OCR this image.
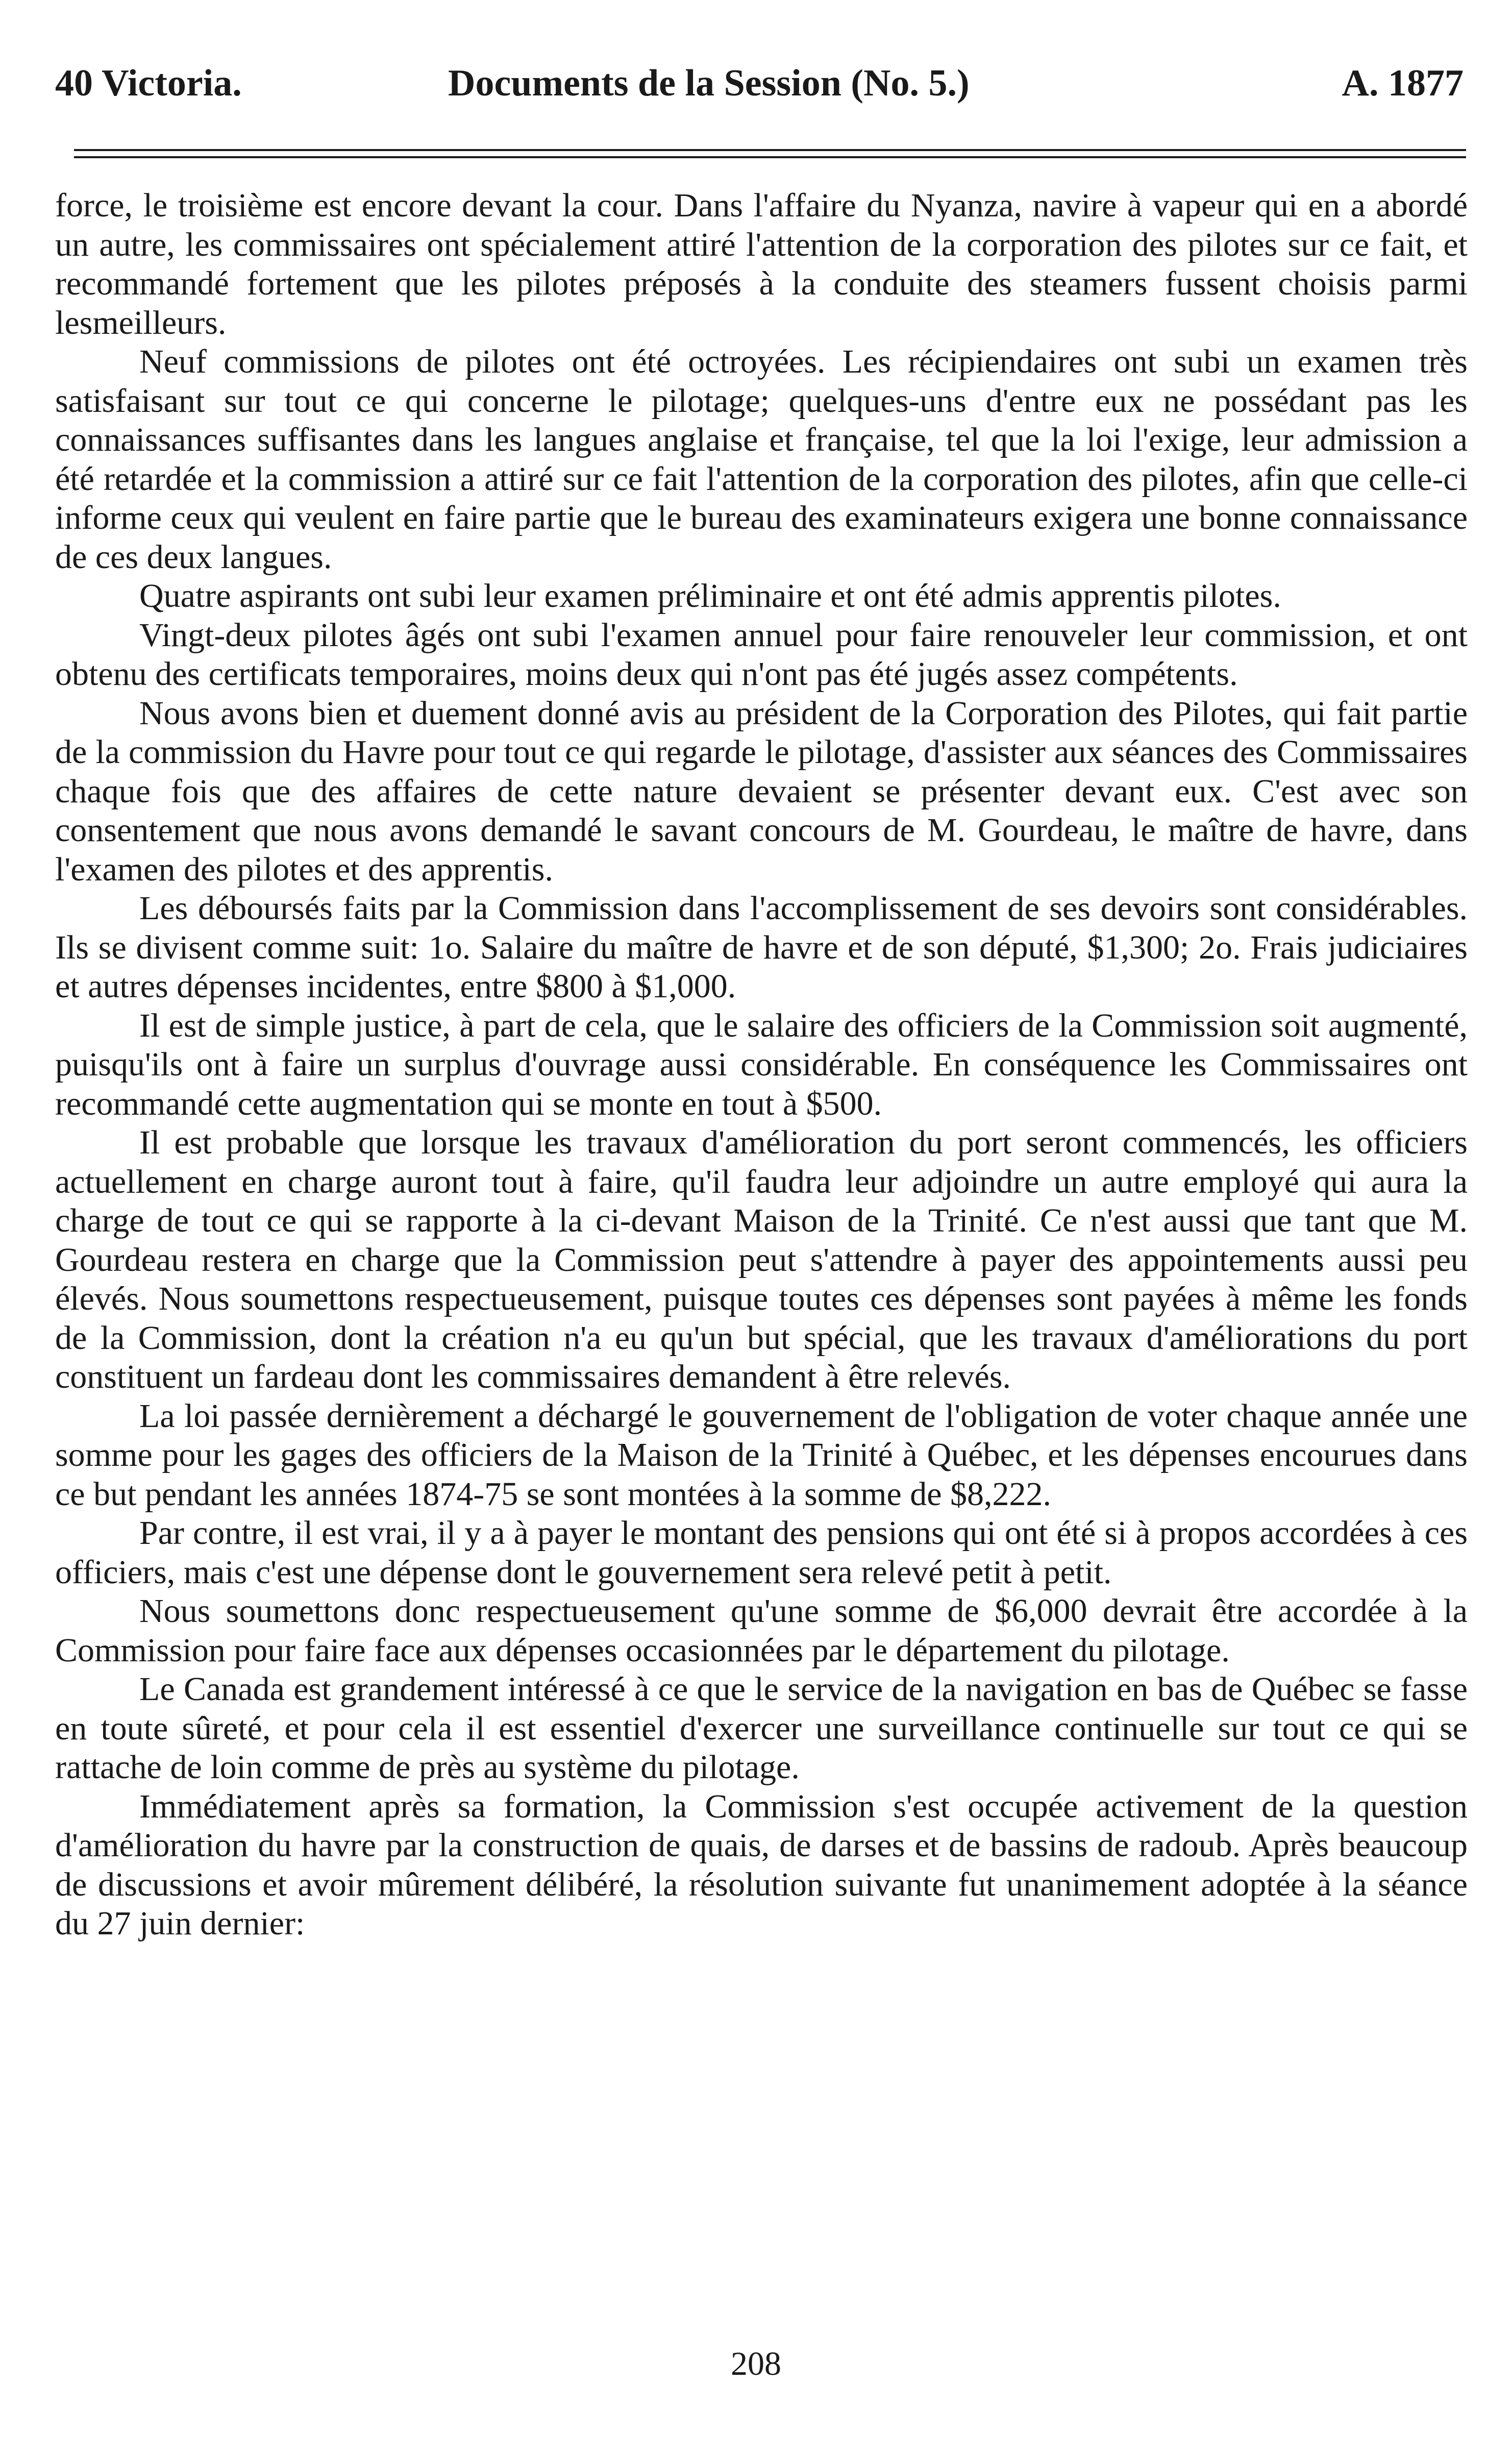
40 Victoria.	Documents de la Session (No. 5.)	A. 1877

force, le troisième est encore devant la cour. Dans l'affaire du Nyanza, navire à vapeur qui en a abordé un autre, les commissaires ont spécialement attiré l'attention de la corporation des pilotes sur ce fait, et recommandé fortement que les pilotes préposés à la conduite des steamers fussent choisis parmi lesmeilleurs.

Neuf commissions de pilotes ont été octroyées. Les récipiendaires ont subi un examen très satisfaisant sur tout ce qui concerne le pilotage; quelques-uns d'entre eux ne possédant pas les connaissances suffisantes dans les langues anglaise et française, tel que la loi l'exige, leur admission a été retardée et la commission a attiré sur ce fait l'attention de la corporation des pilotes, afin que celle-ci informe ceux qui veulent en faire partie que le bureau des examinateurs exigera une bonne connaissance de ces deux langues.

Quatre aspirants ont subi leur examen préliminaire et ont été admis apprentis pilotes.

Vingt-deux pilotes âgés ont subi l'examen annuel pour faire renouveler leur commission, et ont obtenu des certificats temporaires, moins deux qui n'ont pas été jugés assez compétents.

Nous avons bien et duement donné avis au président de la Corporation des Pilotes, qui fait partie de la commission du Havre pour tout ce qui regarde le pilotage, d'assister aux séances des Commissaires chaque fois que des affaires de cette nature devaient se présenter devant eux. C'est avec son consentement que nous avons demandé le savant concours de M. Gourdeau, le maître de havre, dans l'examen des pilotes et des apprentis.

Les déboursés faits par la Commission dans l'accomplissement de ses devoirs sont considérables. Ils se divisent comme suit: 1o. Salaire du maître de havre et de son député, $1,300; 2o. Frais judiciaires et autres dépenses incidentes, entre $800 à $1,000.

Il est de simple justice, à part de cela, que le salaire des officiers de la Commission soit augmenté, puisqu'ils ont à faire un surplus d'ouvrage aussi considérable. En conséquence les Commissaires ont recommandé cette augmentation qui se monte en tout à $500.

Il est probable que lorsque les travaux d'amélioration du port seront commencés, les officiers actuellement en charge auront tout à faire, qu'il faudra leur adjoindre un autre employé qui aura la charge de tout ce qui se rapporte à la ci-devant Maison de la Trinité. Ce n'est aussi que tant que M. Gourdeau restera en charge que la Commission peut s'attendre à payer des appointements aussi peu élevés. Nous soumettons respectueusement, puisque toutes ces dépenses sont payées à même les fonds de la Commission, dont la création n'a eu qu'un but spécial, que les travaux d'améliorations du port constituent un fardeau dont les commissaires demandent à être relevés.

La loi passée dernièrement a déchargé le gouvernement de l'obligation de voter chaque année une somme pour les gages des officiers de la Maison de la Trinité à Québec, et les dépenses encourues dans ce but pendant les années 1874-75 se sont montées à la somme de $8,222.

Par contre, il est vrai, il y a à payer le montant des pensions qui ont été si à propos accordées à ces officiers, mais c'est une dépense dont le gouvernement sera relevé petit à petit.

Nous soumettons donc respectueusement qu'une somme de $6,000 devrait être accordée à la Commission pour faire face aux dépenses occasionnées par le département du pilotage.

Le Canada est grandement intéressé à ce que le service de la navigation en bas de Québec se fasse en toute sûreté, et pour cela il est essentiel d'exercer une surveillance continuelle sur tout ce qui se rattache de loin comme de près au système du pilotage.

Immédiatement après sa formation, la Commission s'est occupée activement de la question d'amélioration du havre par la construction de quais, de darses et de bassins de radoub. Après beaucoup de discussions et avoir mûrement délibéré, la résolution suivante fut unanimement adoptée à la séance du 27 juin dernier:

208
